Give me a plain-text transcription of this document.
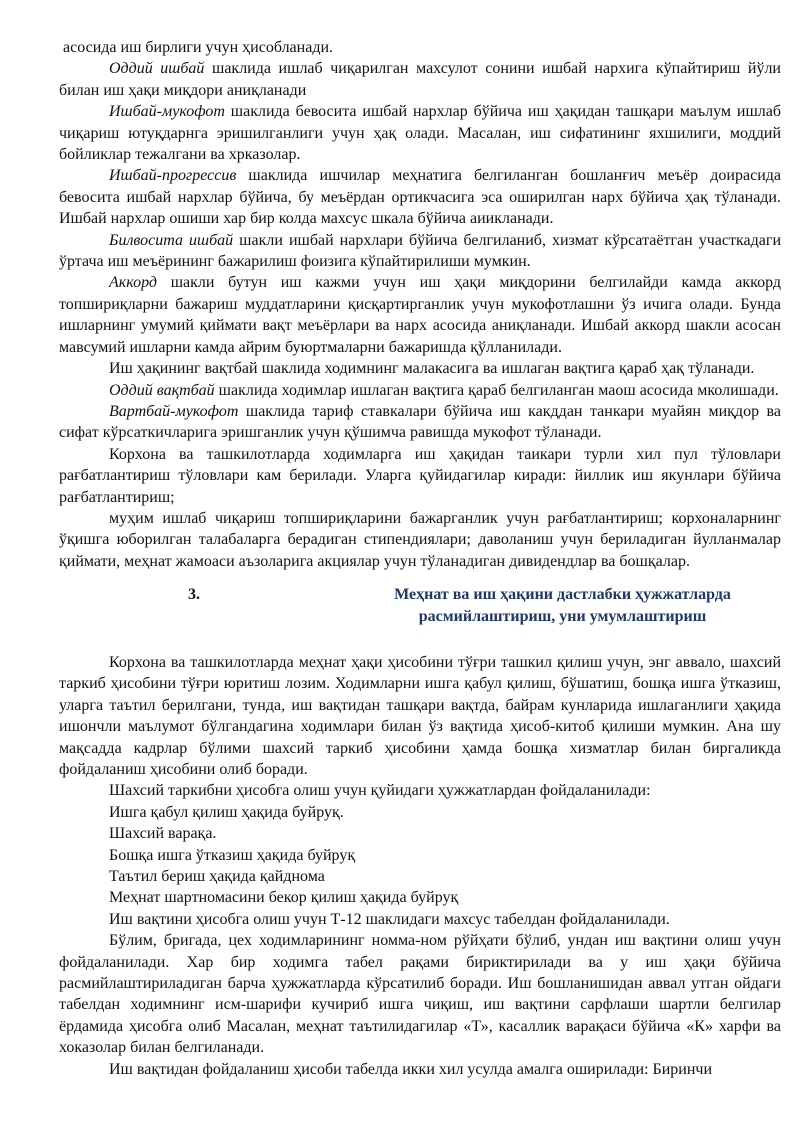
асосида иш бирлиги учун ҳисобланади.

Оддий ишбай шаклида ишлаб чиқарилган махсулот сонини ишбай нархига кўпайтириш йўли билан иш ҳақи миқдори аниқланади

Ишбай-мукофот шаклида бевосита ишбай нархлар бўйича иш ҳақидан ташқари маълум ишлаб чиқариш ютуқдарнга эришилганлиги учун ҳақ олади. Масалан, иш сифатининг яхшилиги, моддий бойликлар тежалгани ва хрказолар.

Ишбай-прогрессив шаклида ишчилар меҳнатига белгиланган бошланғич меъёр доирасида бевосита ишбай нархлар бўйича, бу меъёрдан ортикчасига эса оширилган нарх бўйича ҳақ тўланади. Ишбай нархлар ошиши хар бир колда махсус шкала бўйича аиикланади.

Билвосита ишбай шакли ишбай нархлари бўйича белгиланиб, хизмат кўрсатаётган участкадаги ўртача иш меъёрининг бажарилиш фоизига кўпайтирилиши мумкин.

Аккорд шакли бутун иш кажми учун иш ҳақи миқдорини белгилайди камда аккорд топшириқларни бажариш муддатларини қисқартирганлик учун мукофотлашни ўз ичига олади. Бунда ишларнинг умумий қиймати вақт меъёрлари ва нарх асосида аниқланади. Ишбай аккорд шакли асосан мавсумий ишларни камда айрим буюртмаларни бажаришда қўлланилади.

Иш ҳақининг вақтбай шаклида ходимнинг малакасига ва ишлаган вақтига қараб ҳақ тўланади.

Оддий вақтбай шаклида ходимлар ишлаган вақтига қараб белгиланган маош асосида мколишади.

Вартбай-мукофот шаклида тариф ставкалари бўйича иш какддан танкари муайян миқдор ва сифат кўрсаткичларига эришганлик учун қўшимча равишда мукофот тўланади.

Корхона ва ташкилотларда ходимларга иш ҳақидан таикари турли хил пул тўловлари рағбатлантириш тўловлари кам берилади. Уларга қуйидагилар киради: йиллик иш якунлари бўйича рағбатлантириш;

муҳим ишлаб чиқариш топшириқларини бажарганлик учун рағбатлантириш; корхоналарнинг ўқишга юборилган талабаларга берадиган стипендиялари; даволаниш учун бериладиган йулланмалар қиймати, меҳнат жамоаси аъзоларига акциялар учун тўланадиган дивидендлар ва бошқалар.

3.	Меҳнат ва иш ҳақини дастлабки ҳужжатларда расмийлаштириш, уни умумлаштириш

Корхона ва ташкилотларда меҳнат ҳақи ҳисобини тўғри ташкил қилиш учун, энг аввало, шахсий таркиб ҳисобини тўғри юритиш лозим. Ходимларни ишга қабул қилиш, бўшатиш, бошқа ишга ўтказиш, уларга таътил берилгани, тунда, иш вақтидан ташқари вақтда, байрам кунларида ишлаганлиги ҳақида ишончли маълумот бўлгандагина ходимлари билан ўз вақтида ҳисоб-китоб қилиши мумкин. Ана шу мақсадда кадрлар бўлими шахсий таркиб ҳисобини ҳамда бошқа хизматлар билан биргаликда фойдаланиш ҳисобини олиб боради.

Шахсий таркибни ҳисобга олиш учун қуйидаги ҳужжатлардан фойдаланилади:

Ишга қабул қилиш ҳақида буйруқ.

Шахсий варақа.

Бошқа ишга ўтказиш ҳақида буйруқ

Таътил бериш ҳақида қайднома

Меҳнат шартномасини бекор қилиш ҳақида буйруқ

Иш вақтини ҳисобга олиш учун Т-12 шаклидаги махсус табелдан фойдаланилади.

Бўлим, бригада, цех ходимларининг номма-ном рўйҳати бўлиб, ундан иш вақтини олиш учун фойдаланилади. Хар бир ходимга табел рақами бириктирилади ва у иш ҳақи бўйича расмийлаштириладиган барча ҳужжатларда кўрсатилиб боради. Иш бошланишидан аввал утган ойдаги табелдан ходимнинг исм-шарифи кучириб ишга чиқиш, иш вақтини сарфлаши шартли белгилар ёрдамида ҳисобга олиб Масалан, меҳнат таътилидагилар «Т», касаллик варақаси бўйича «К» харфи ва хоказолар билан белгиланади.

Иш вақтидан фойдаланиш ҳисоби табелда икки хил усулда амалга оширилади: Биринчи
